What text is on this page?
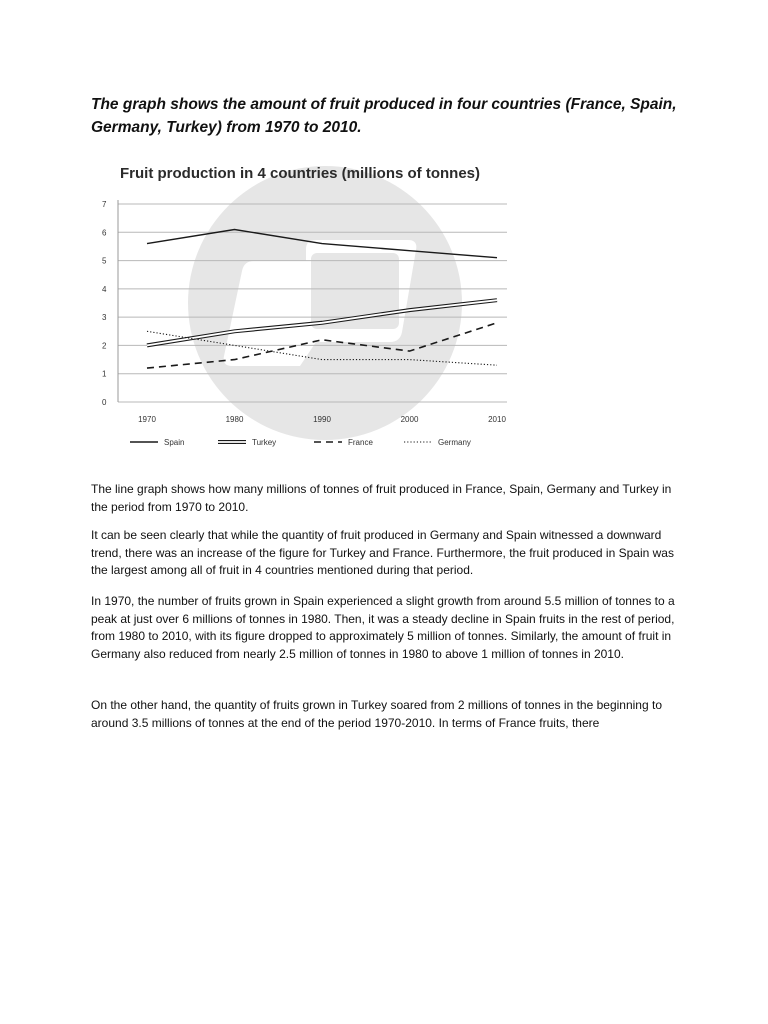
The graph shows the amount of fruit produced in four countries (France, Spain, Germany, Turkey) from 1970 to 2010.

Fruit production in 4 countries (millions of tonnes)
0
1
2
3
4
5
6
7
1970	1980	1990	2000	2010
Spain	Turkey	France	Germany

The line graph shows how many millions of tonnes of fruit produced in France, Spain, Germany and Turkey in the period from 1970 to 2010.

It can be seen clearly that while the quantity of fruit produced in Germany and Spain witnessed a downward trend, there was an increase of the figure for Turkey and France. Furthermore, the fruit produced in Spain was the largest among all of fruit in 4 countries mentioned during that period.

In 1970, the number of fruits grown in Spain experienced a slight growth from around 5.5 million of tonnes to a peak at just over 6 millions of tonnes in 1980. Then, it was a steady decline in Spain fruits in the rest of period, from 1980 to 2010, with its figure dropped to approximately 5 million of tonnes. Similarly, the amount of fruit in Germany also reduced from nearly 2.5 million of tonnes in 1980 to above 1 million of tonnes in 2010.

On the other hand, the quantity of fruits grown in Turkey soared from 2 millions of tonnes in the beginning to around 3.5 millions of tonnes at the end of the period 1970-2010. In terms of France fruits, there
